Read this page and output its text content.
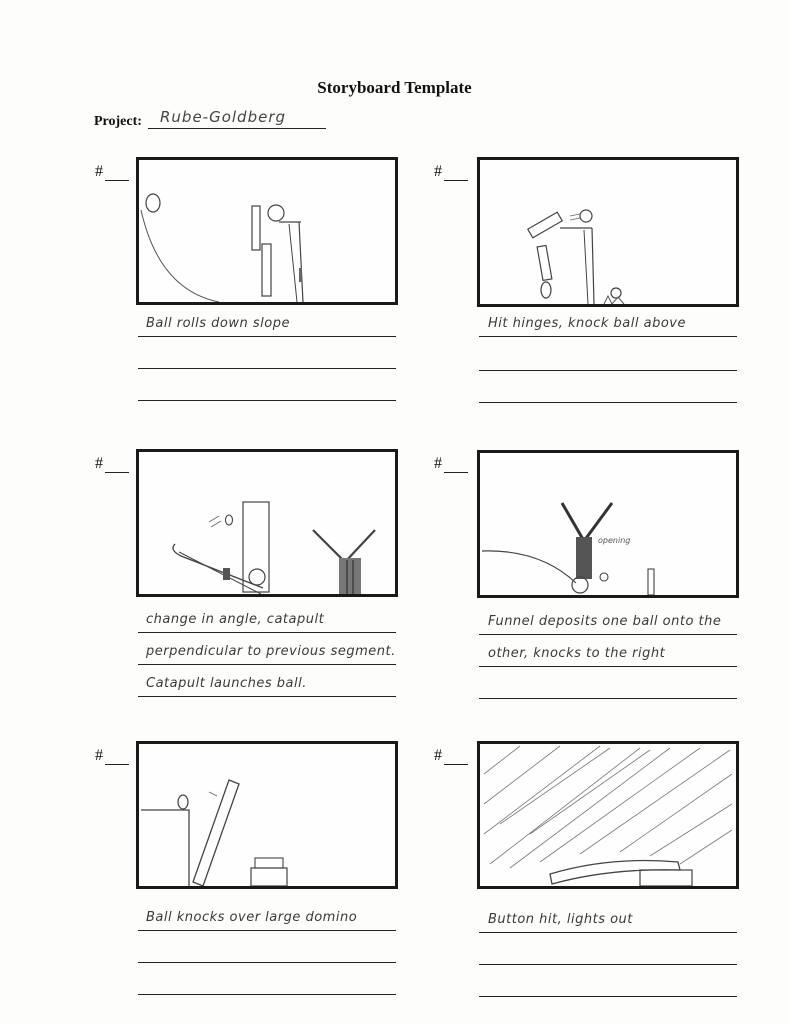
Storyboard Template
Project: Rube-Goldberg
#	#
#	#
#	#
Ball rolls down slope	Hit hinges, knock ball above
change in angle, catapult
perpendicular to previous segment.
Catapult launches ball.
opening
Funnel deposits one ball onto the
other, knocks to the right
Ball knocks over large domino	Button hit, lights out
